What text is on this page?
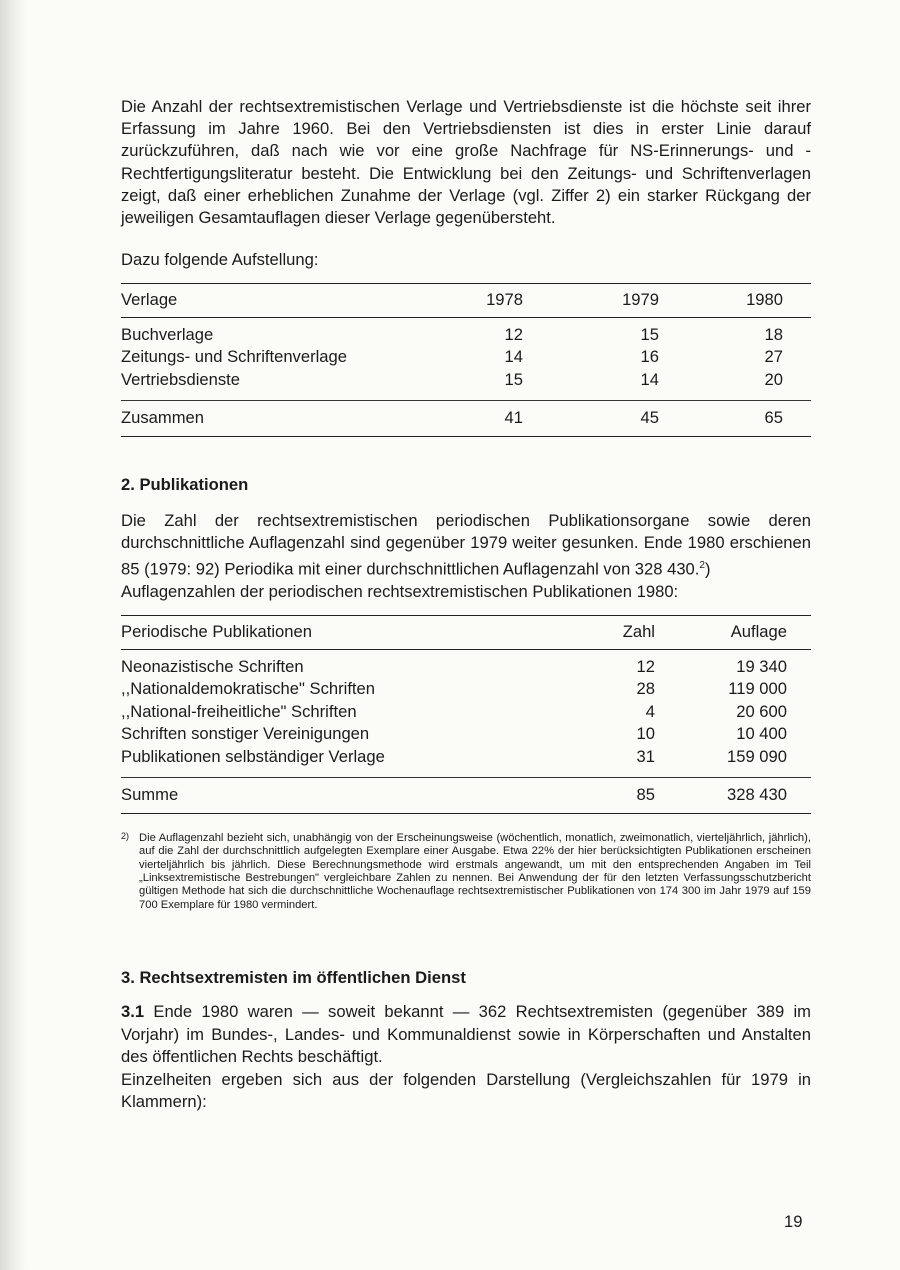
Die Anzahl der rechtsextremistischen Verlage und Vertriebsdienste ist die höchste seit ihrer Erfassung im Jahre 1960. Bei den Vertriebsdiensten ist dies in erster Linie darauf zurückzuführen, daß nach wie vor eine große Nachfrage für NS-Erinnerungs- und -Rechtfertigungsliteratur besteht. Die Entwicklung bei den Zeitungs- und Schriftenverlagen zeigt, daß einer erheblichen Zunahme der Verlage (vgl. Ziffer 2) ein starker Rückgang der jeweiligen Gesamtauflagen dieser Verlage gegenübersteht.

Dazu folgende Aufstellung:

Verlage	1978	1979	1980
Buchverlage	12	15	18
Zeitungs- und Schriftenverlage	14	16	27
Vertriebsdienste	15	14	20
Zusammen	41	45	65
2. Publikationen

Die Zahl der rechtsextremistischen periodischen Publikationsorgane sowie deren durchschnittliche Auflagenzahl sind gegenüber 1979 weiter gesunken. Ende 1980 erschienen 85 (1979: 92) Periodika mit einer durchschnittlichen Auflagenzahl von 328 430.$^2$)

Auflagenzahlen der periodischen rechtsextremistischen Publikationen 1980:

Periodische Publikationen	Zahl	Auflage
Neonazistische Schriften	12	19 340
,,Nationaldemokratische" Schriften	28	119 000
,,National-freiheitliche" Schriften	4	20 600
Schriften sonstiger Vereinigungen	10	10 400
Publikationen selbständiger Verlage	31	159 090
Summe	85	328 430
2) Die Auflagenzahl bezieht sich, unabhängig von der Erscheinungsweise (wöchentlich, monatlich, zweimonatlich, vierteljährlich, jährlich), auf die Zahl der durchschnittlich aufgelegten Exemplare einer Ausgabe. Etwa 22% der hier berücksichtigten Publikationen erscheinen vierteljährlich bis jährlich. Diese Berechnungsmethode wird erstmals angewandt, um mit den entsprechenden Angaben im Teil „Linksextremistische Bestrebungen" vergleichbare Zahlen zu nennen. Bei Anwendung der für den letzten Verfassungsschutzbericht gültigen Methode hat sich die durchschnittliche Wochenauflage rechtsextremistischer Publikationen von 174 300 im Jahr 1979 auf 159 700 Exemplare für 1980 vermindert.
3. Rechtsextremisten im öffentlichen Dienst

3.1 Ende 1980 waren — soweit bekannt — 362 Rechtsextremisten (gegenüber 389 im Vorjahr) im Bundes-, Landes- und Kommunaldienst sowie in Körperschaften und Anstalten des öffentlichen Rechts beschäftigt.

Einzelheiten ergeben sich aus der folgenden Darstellung (Vergleichszahlen für 1979 in Klammern):

19
